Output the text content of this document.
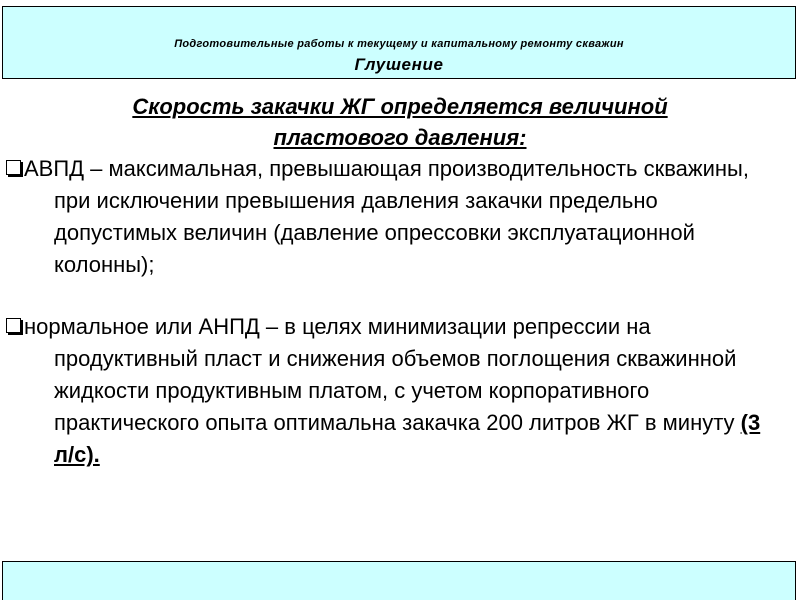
Подготовительные работы к текущему и капитальному ремонту скважин
Глушение
Скорость закачки ЖГ определяется величиной пластового давления:
АВПД – максимальная, превышающая производительность скважины, при исключении превышения давления закачки предельно допустимых величин (давление опрессовки эксплуатационной колонны);
нормальное или АНПД – в целях минимизации репрессии на продуктивный пласт и снижения объемов поглощения скважинной жидкости продуктивным платом, с учетом корпоративного практического опыта оптимальна закачка 200 литров ЖГ в минуту (3 л/с).
